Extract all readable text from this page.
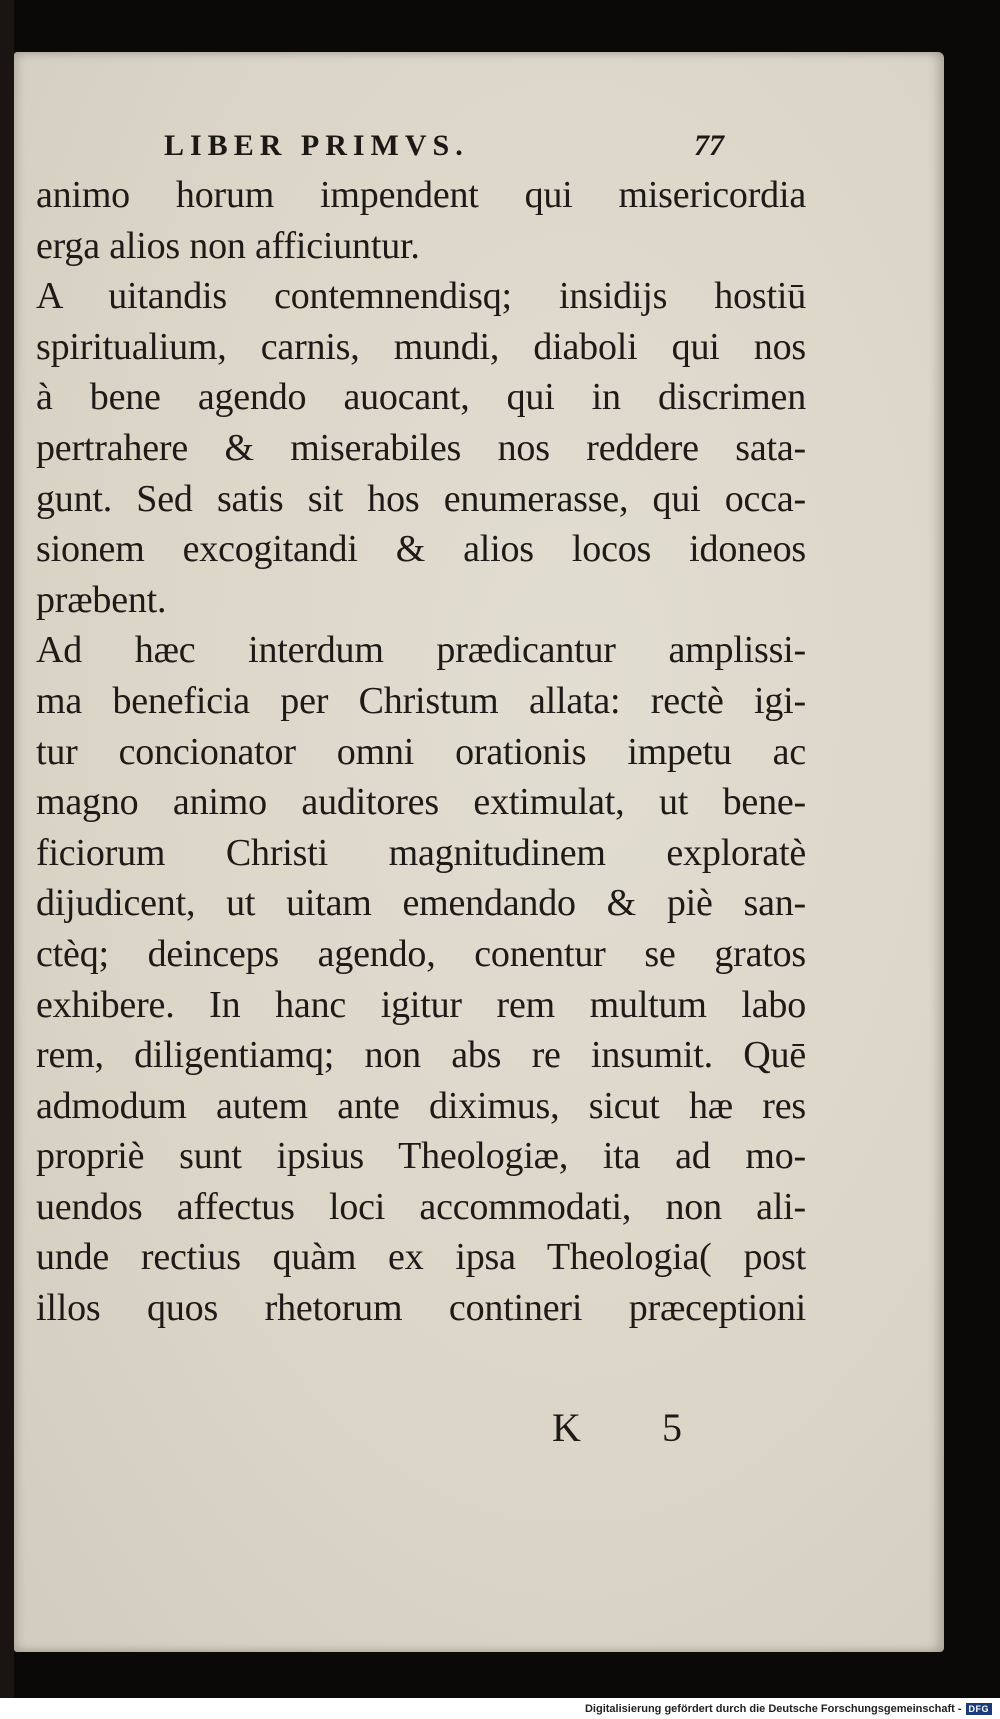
LIBER PRIMVS.	77
animo horum impendent qui misericordia
erga alios non afficiuntur.
A uitandis contemnendisq; insidijs hostiū
spiritualium, carnis, mundi, diaboli qui nos
à bene agendo auocant, qui in discrimen
pertrahere & miserabiles nos reddere sata-
gunt. Sed satis sit hos enumerasse, qui occa-
sionem excogitandi & alios locos idoneos
præbent.
Ad hæc interdum prædicantur amplissi-
ma beneficia per Christum allata: rectè igi-
tur concionator omni orationis impetu ac
magno animo auditores extimulat, ut bene-
ficiorum Christi magnitudinem exploratè
dijudicent, ut uitam emendando & piè san-
ctèq; deinceps agendo, conentur se gratos
exhibere. In hanc igitur rem multum labo
rem, diligentiamq; non abs re insumit. Quē
admodum autem ante diximus, sicut hæ res
propriè sunt ipsius Theologiæ, ita ad mo-
uendos affectus loci accommodati, non ali-
unde rectius quàm ex ipsa Theologia( post
illos quos rhetorum contineri præceptioni
K 5
Digitalisierung gefördert durch die Deutsche Forschungsgemeinschaft - DFG
